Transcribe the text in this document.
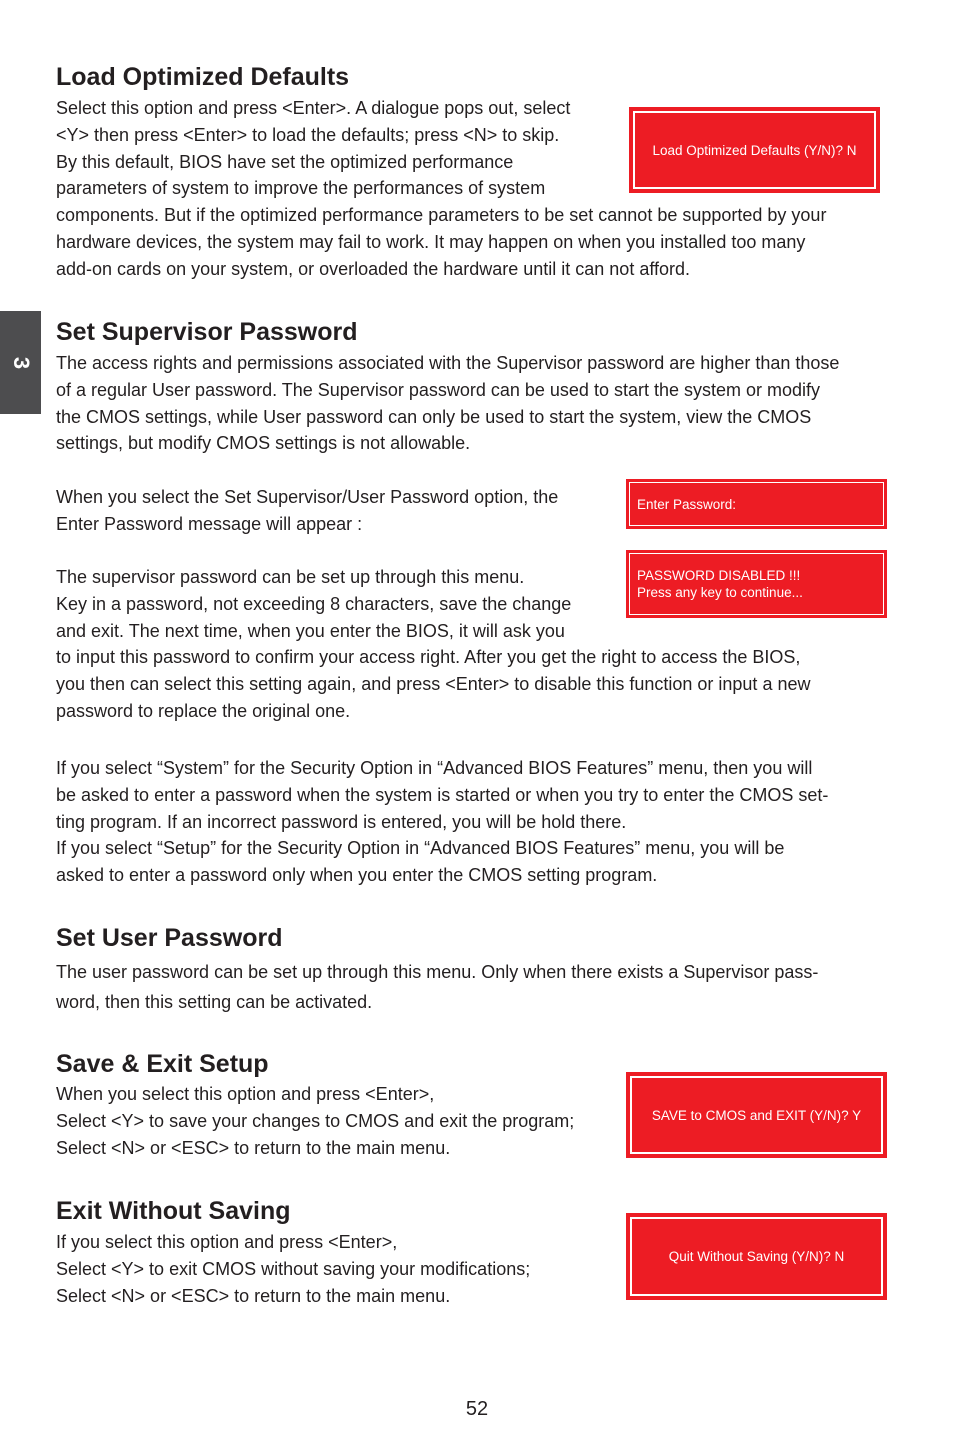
3
Load Optimized Defaults
Select this option and press <Enter>. A dialogue pops out, select
<Y> then press <Enter> to load the defaults; press <N> to skip.
By this default, BIOS have set the optimized performance
parameters of system to improve the performances of system
components. But if the optimized performance parameters to be set cannot be supported by your
hardware devices, the system may fail to work. It may happen on when you installed too many
add-on cards on your system, or overloaded the hardware until it can not afford.
Load Optimized Defaults (Y/N)? N
Set Supervisor Password
The access rights and permissions associated with the Supervisor password are higher than those
of a regular User password. The Supervisor password can be used to start the system or modify
the CMOS settings, while User password can only be used to start the system, view the CMOS
settings, but modify CMOS settings is not allowable.
When you select the Set Supervisor/User Password option, the
Enter Password message will appear :
The supervisor password can be set up through this menu.
Key in a password, not exceeding 8 characters, save the change
and exit. The next time, when you enter the BIOS, it will ask you
to input this password to confirm your access right. After you get the right to access the BIOS,
you then can select this setting again, and press <Enter> to disable this function or input a new
password to replace the original one.
If you select “System” for the Security Option in “Advanced BIOS Features” menu, then you will
be asked to enter a password when the system is started or when you try to enter the CMOS set-
ting program. If an incorrect password is entered, you will be hold there.
If you select “Setup” for the Security Option in “Advanced BIOS Features” menu, you will be
asked to enter a password only when you enter the CMOS setting program.
Enter Password:
PASSWORD DISABLED !!!
Press any key to continue...
Set User Password
The user password can be set up through this menu. Only when there exists a Supervisor pass-
word, then this setting can be activated.
Save & Exit Setup
When you select this option and press <Enter>,
Select <Y> to save your changes to CMOS and exit the program;
Select <N> or <ESC> to return to the main menu.
SAVE to CMOS and EXIT (Y/N)? Y
Exit Without Saving
If you select this option and press <Enter>,
Select <Y> to exit CMOS without saving your modifications;
Select <N> or <ESC> to return to the main menu.
Quit Without Saving (Y/N)? N
52
